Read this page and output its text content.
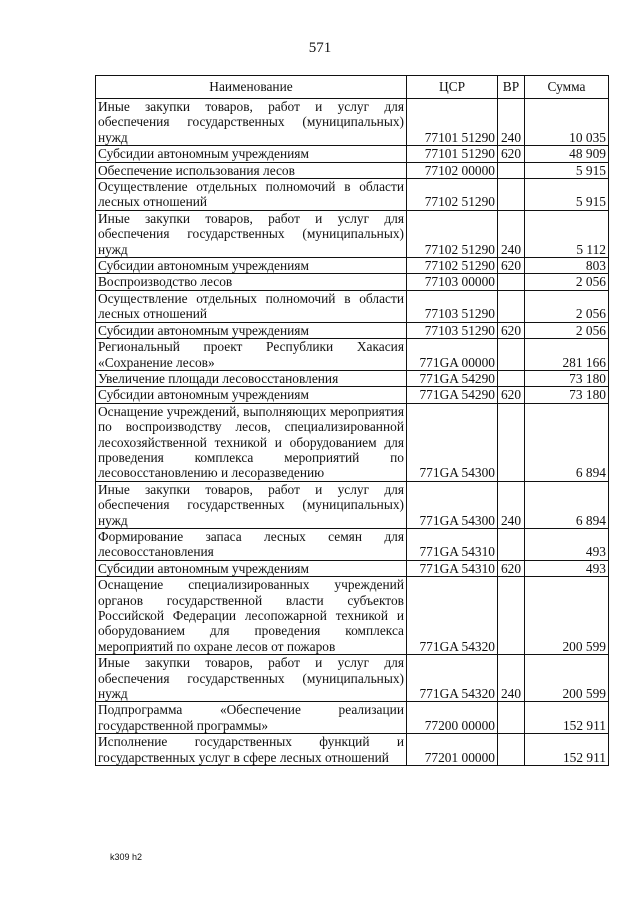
571
Наименование	ЦСР	ВР	Сумма
Иные закупки товаров, работ и услуг для обеспечения государственных (муниципальных) нужд	77101 51290	240	10 035
Субсидии автономным учреждениям	77101 51290	620	48 909
Обеспечение использования лесов	77102 00000		5 915
Осуществление отдельных полномочий в области лесных отношений	77102 51290		5 915
Иные закупки товаров, работ и услуг для обеспечения государственных (муниципальных) нужд	77102 51290	240	5 112
Субсидии автономным учреждениям	77102 51290	620	803
Воспроизводство лесов	77103 00000		2 056
Осуществление отдельных полномочий в области лесных отношений	77103 51290		2 056
Субсидии автономным учреждениям	77103 51290	620	2 056
Региональный проект Республики Хакасия «Сохранение лесов»	771GA 00000		281 166
Увеличение площади лесовосстановления	771GA 54290		73 180
Субсидии автономным учреждениям	771GA 54290	620	73 180
Оснащение учреждений, выполняющих мероприятия по воспроизводству лесов, специализированной лесохозяйственной техникой и оборудованием для проведения комплекса мероприятий по лесовосстановлению и лесоразведению	771GA 54300		6 894
Иные закупки товаров, работ и услуг для обеспечения государственных (муниципальных) нужд	771GA 54300	240	6 894
Формирование запаса лесных семян для лесовосстановления	771GA 54310		493
Субсидии автономным учреждениям	771GA 54310	620	493
Оснащение специализированных учреждений органов государственной власти субъектов Российской Федерации лесопожарной техникой и оборудованием для проведения комплекса мероприятий по охране лесов от пожаров	771GA 54320		200 599
Иные закупки товаров, работ и услуг для обеспечения государственных (муниципальных) нужд	771GA 54320	240	200 599
Подпрограмма «Обеспечение реализации государственной программы»	77200 00000		152 911
Исполнение государственных функций и государственных услуг в сфере лесных отношений	77201 00000		152 911
k309 h2
